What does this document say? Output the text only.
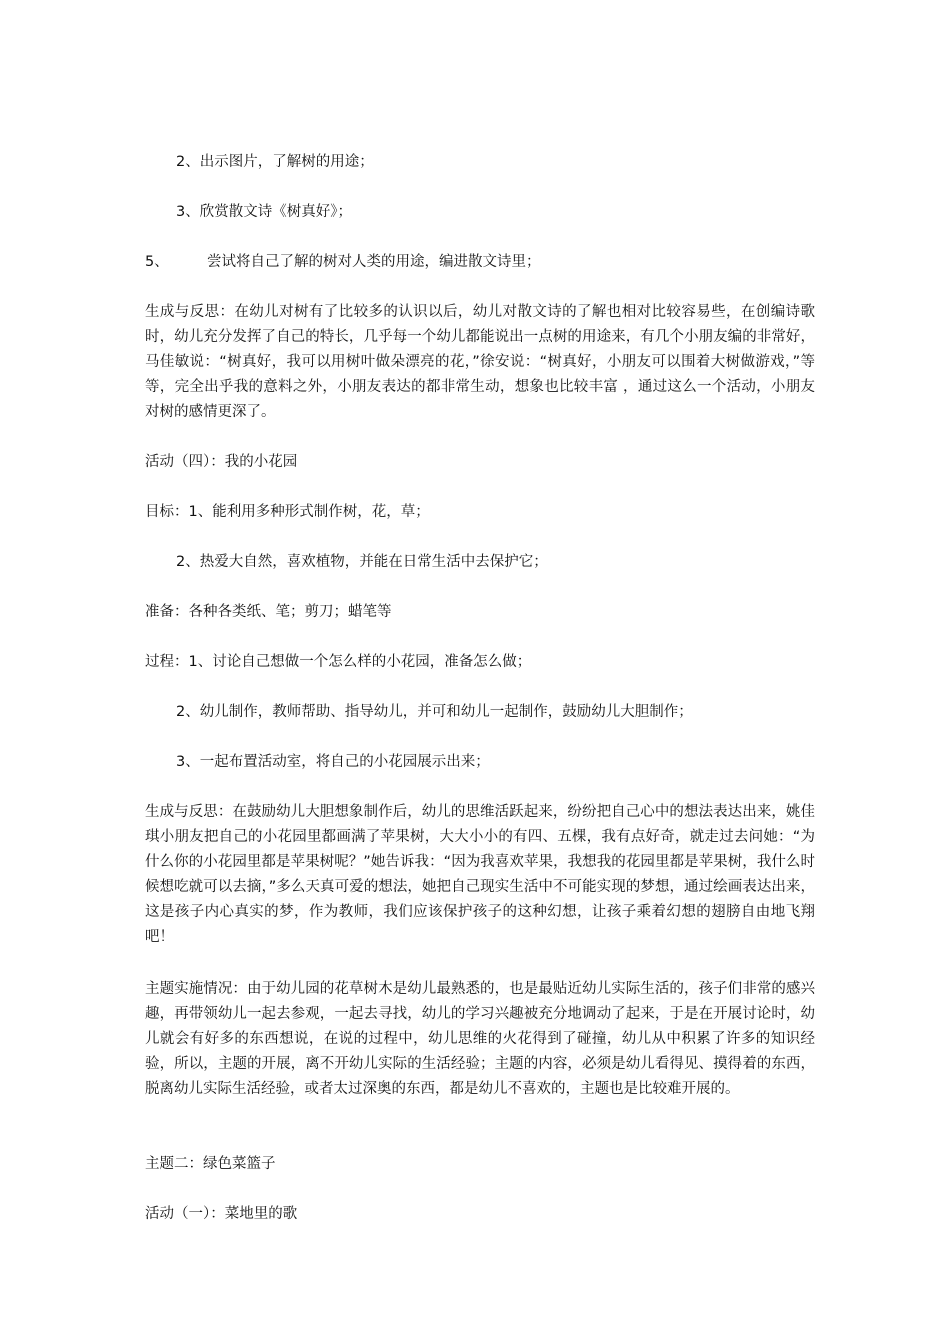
2、出示图片，了解树的用途；
3、欣赏散文诗《树真好》；
5、	尝试将自己了解的树对人类的用途，编进散文诗里；
生成与反思：在幼儿对树有了比较多的认识以后，幼儿对散文诗的了解也相对比较容易些，在创编诗歌时，幼儿充分发挥了自己的特长，几乎每一个幼儿都能说出一点树的用途来，有几个小朋友编的非常好，马佳敏说：“树真好，我可以用树叶做朵漂亮的花，”徐安说：“树真好，小朋友可以围着大树做游戏，”等等，完全出乎我的意料之外，小朋友表达的都非常生动，想象也比较丰富 ，通过这么一个活动，小朋友对树的感情更深了。
活动（四）：我的小花园
目标：1、能利用多种形式制作树，花，草；
2、热爱大自然，喜欢植物，并能在日常生活中去保护它；
准备：各种各类纸、笔；剪刀；蜡笔等
过程：1、讨论自己想做一个怎么样的小花园，准备怎么做；
2、幼儿制作，教师帮助、指导幼儿，并可和幼儿一起制作，鼓励幼儿大胆制作；
3、一起布置活动室，将自己的小花园展示出来；
生成与反思：在鼓励幼儿大胆想象制作后，幼儿的思维活跃起来，纷纷把自己心中的想法表达出来，姚佳琪小朋友把自己的小花园里都画满了苹果树，大大小小的有四、五棵，我有点好奇，就走过去问她：“为什么你的小花园里都是苹果树呢？”她告诉我：“因为我喜欢苹果，我想我的花园里都是苹果树，我什么时候想吃就可以去摘，”多么天真可爱的想法，她把自己现实生活中不可能实现的梦想，通过绘画表达出来，这是孩子内心真实的梦，作为教师，我们应该保护孩子的这种幻想，让孩子乘着幻想的翅膀自由地飞翔吧！
主题实施情况：由于幼儿园的花草树木是幼儿最熟悉的，也是最贴近幼儿实际生活的，孩子们非常的感兴趣，再带领幼儿一起去参观，一起去寻找，幼儿的学习兴趣被充分地调动了起来，于是在开展讨论时，幼儿就会有好多的东西想说，在说的过程中，幼儿思维的火花得到了碰撞，幼儿从中积累了许多的知识经验，所以，主题的开展，离不开幼儿实际的生活经验；主题的内容，必须是幼儿看得见、摸得着的东西，脱离幼儿实际生活经验，或者太过深奥的东西，都是幼儿不喜欢的，主题也是比较难开展的。
主题二：绿色菜篮子
活动（一）：菜地里的歌
